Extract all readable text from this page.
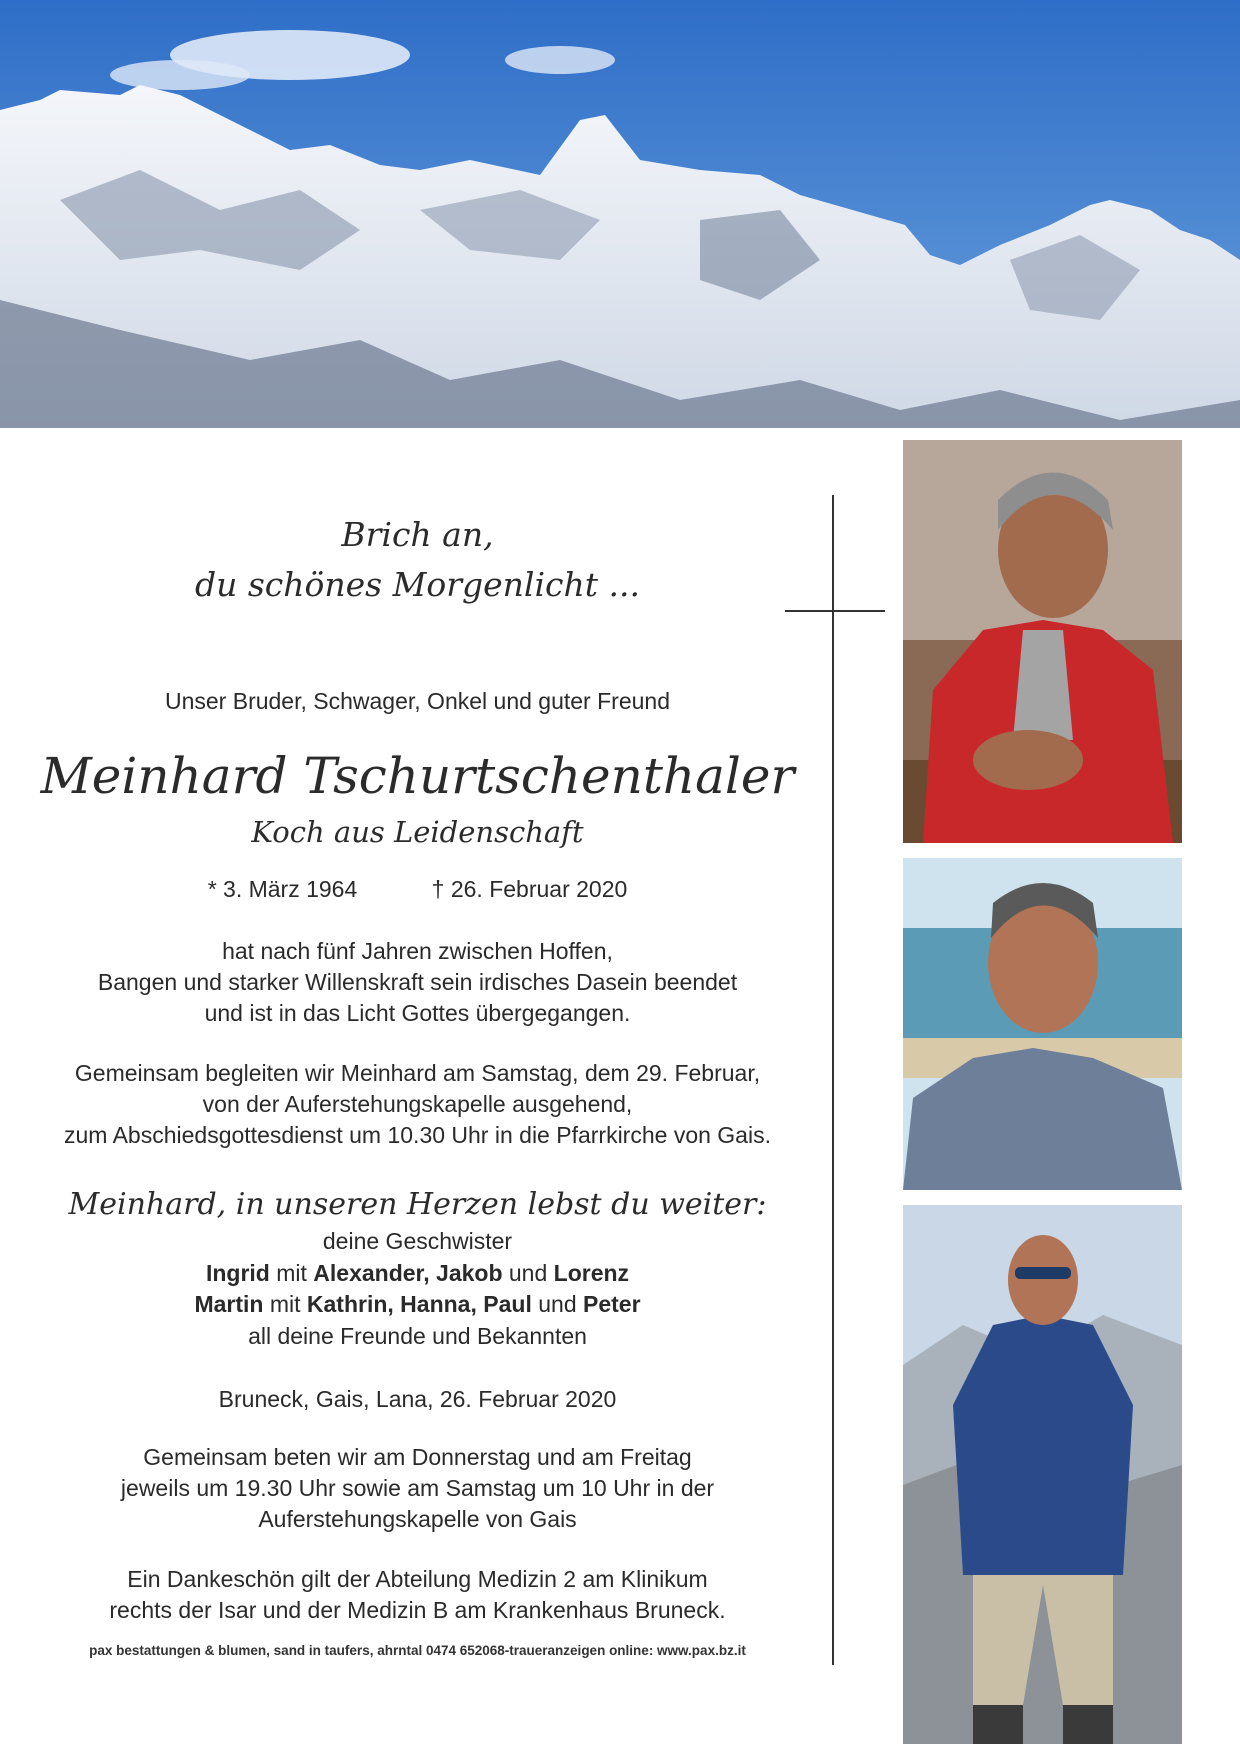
Brich an,
du schönes Morgenlicht ...
Unser Bruder, Schwager, Onkel und guter Freund
Meinhard Tschurtschenthaler
Koch aus Leidenschaft
* 3. März 1964	† 26. Februar 2020
hat nach fünf Jahren zwischen Hoffen,
Bangen und starker Willenskraft sein irdisches Dasein beendet
und ist in das Licht Gottes übergegangen.
Gemeinsam begleiten wir Meinhard am Samstag, dem 29. Februar,
von der Auferstehungskapelle ausgehend,
zum Abschiedsgottesdienst um 10.30 Uhr in die Pfarrkirche von Gais.
Meinhard, in unseren Herzen lebst du weiter:
deine Geschwister
Ingrid mit Alexander, Jakob und Lorenz
Martin mit Kathrin, Hanna, Paul und Peter
all deine Freunde und Bekannten
Bruneck, Gais, Lana, 26. Februar 2020
Gemeinsam beten wir am Donnerstag und am Freitag
jeweils um 19.30 Uhr sowie am Samstag um 10 Uhr in der
Auferstehungskapelle von Gais
Ein Dankeschön gilt der Abteilung Medizin 2 am Klinikum
rechts der Isar und der Medizin B am Krankenhaus Bruneck.
pax bestattungen & blumen, sand in taufers, ahrntal 0474 652068-traueranzeigen online: www.pax.bz.it
